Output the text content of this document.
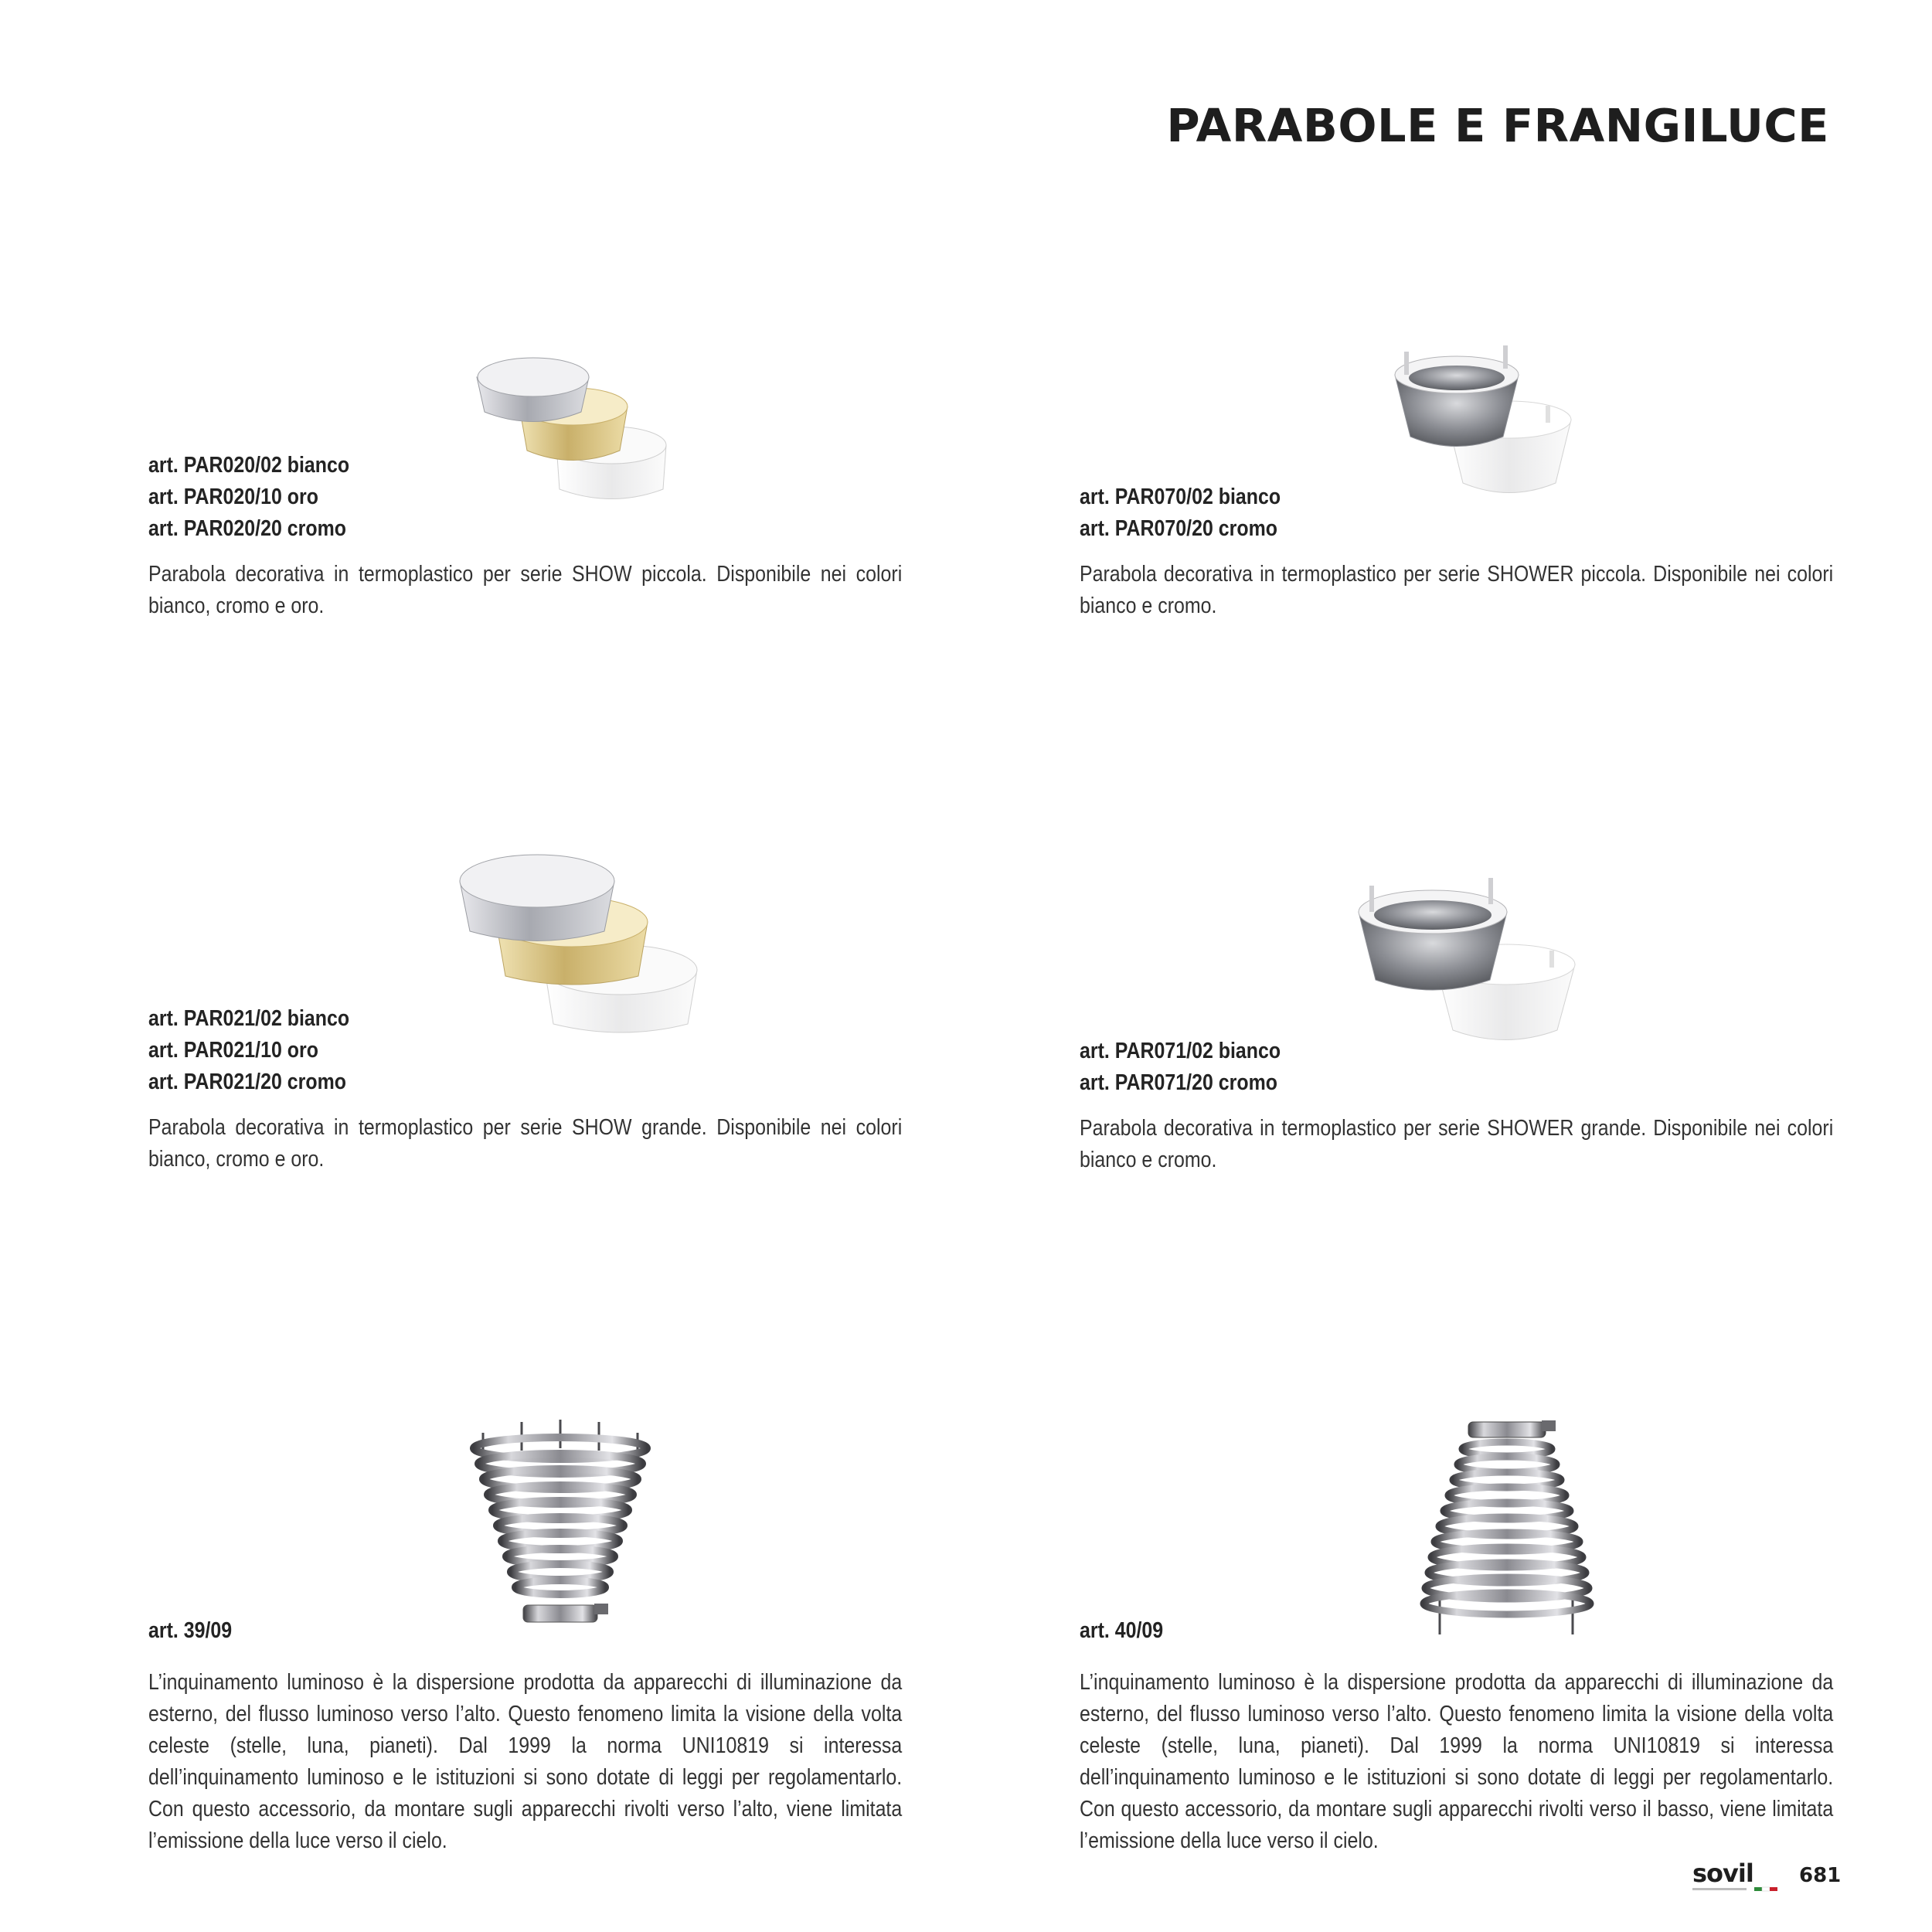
PARABOLE E FRANGILUCE
art. PAR020/02 bianco
art. PAR020/10 oro
art. PAR020/20 cromo

Parabola decorativa in termoplastico per serie SHOW piccola. Disponibile nei colori bianco, cromo e oro.

art. PAR070/02 bianco
art. PAR070/20 cromo

Parabola decorativa in termoplastico per serie SHOWER piccola. Disponibile nei colori bianco e cromo.

art. PAR021/02 bianco
art. PAR021/10 oro
art. PAR021/20 cromo

Parabola decorativa in termoplastico per serie SHOW grande. Disponibile nei colori bianco, cromo e oro.

art. PAR071/02 bianco
art. PAR071/20 cromo

Parabola decorativa in termoplastico per serie SHOWER grande. Disponibile nei colori bianco e cromo.

art. 39/09

L’inquinamento luminoso è la dispersione prodotta da apparecchi di illuminazione da esterno, del flusso luminoso verso l’alto. Questo fenomeno limita la visione della volta celeste (stelle, luna, pianeti). Dal 1999 la norma UNI10819 si interessa dell’inquinamento luminoso e le istituzioni si sono dotate di leggi per regolamentarlo. Con questo accessorio, da montare sugli apparecchi rivolti verso l’alto, viene limitata l’emissione della luce verso il cielo.

art. 40/09

L’inquinamento luminoso è la dispersione prodotta da apparecchi di illuminazione da esterno, del flusso luminoso verso l’alto. Questo fenomeno limita la visione della volta celeste (stelle, luna, pianeti). Dal 1999 la norma UNI10819 si interessa dell’inquinamento luminoso e le istituzioni si sono dotate di leggi per regolamentarlo. Con questo accessorio, da montare sugli apparecchi rivolti verso il basso, viene limitata l’emissione della luce verso il cielo.

sovil 681
